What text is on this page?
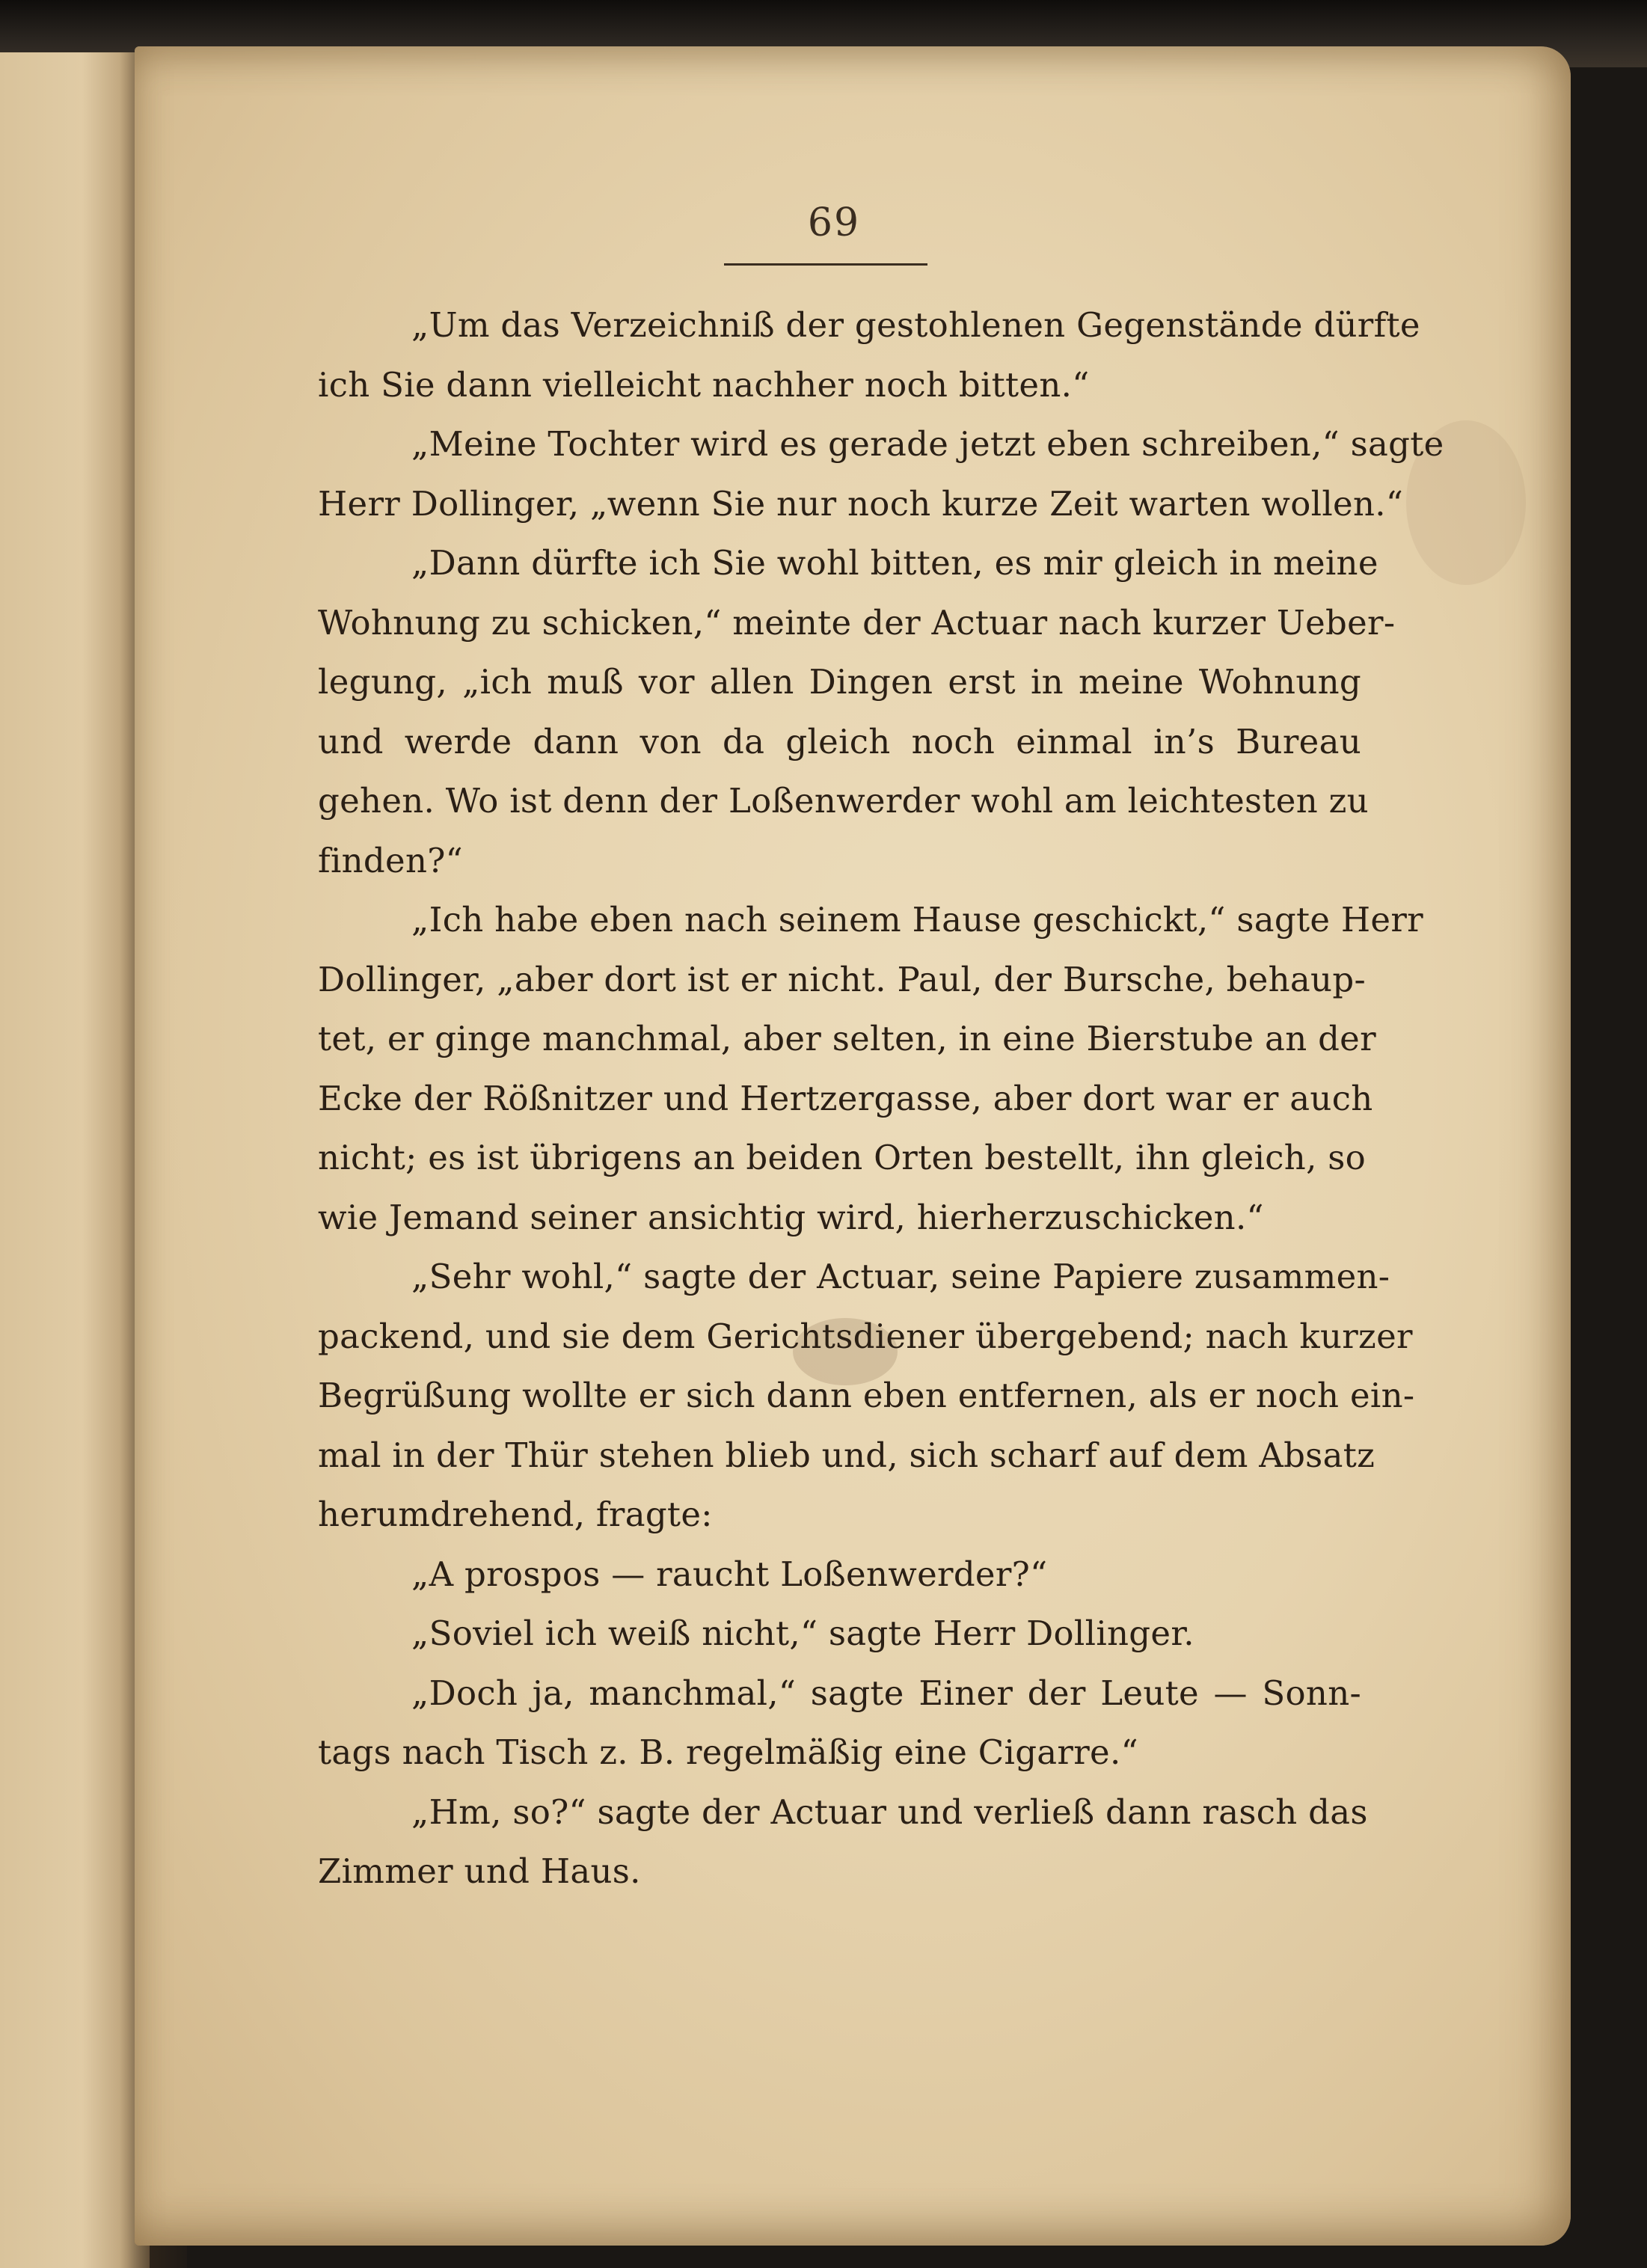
69
„Um das Verzeichniß der gestohlenen Gegenstände dürfte
ich Sie dann vielleicht nachher noch bitten.“
„Meine Tochter wird es gerade jetzt eben schreiben,“ sagte
Herr Dollinger, „wenn Sie nur noch kurze Zeit warten wollen.“
„Dann dürfte ich Sie wohl bitten, es mir gleich in meine
Wohnung zu schicken,“ meinte der Actuar nach kurzer Ueber-
legung, „ich muß vor allen Dingen erst in meine Wohnung
und werde dann von da gleich noch einmal in’s Bureau
gehen. Wo ist denn der Loßenwerder wohl am leichtesten zu
finden?“
„Ich habe eben nach seinem Hause geschickt,“ sagte Herr
Dollinger, „aber dort ist er nicht. Paul, der Bursche, behaup-
tet, er ginge manchmal, aber selten, in eine Bierstube an der
Ecke der Rößnitzer und Hertzergasse, aber dort war er auch
nicht; es ist übrigens an beiden Orten bestellt, ihn gleich, so
wie Jemand seiner ansichtig wird, hierherzuschicken.“
„Sehr wohl,“ sagte der Actuar, seine Papiere zusammen-
packend, und sie dem Gerichtsdiener übergebend; nach kurzer
Begrüßung wollte er sich dann eben entfernen, als er noch ein-
mal in der Thür stehen blieb und, sich scharf auf dem Absatz
herumdrehend, fragte:
„A prospos — raucht Loßenwerder?“
„Soviel ich weiß nicht,“ sagte Herr Dollinger.
„Doch ja, manchmal,“ sagte Einer der Leute — Sonn-
tags nach Tisch z. B. regelmäßig eine Cigarre.“
„Hm, so?“ sagte der Actuar und verließ dann rasch das
Zimmer und Haus.
